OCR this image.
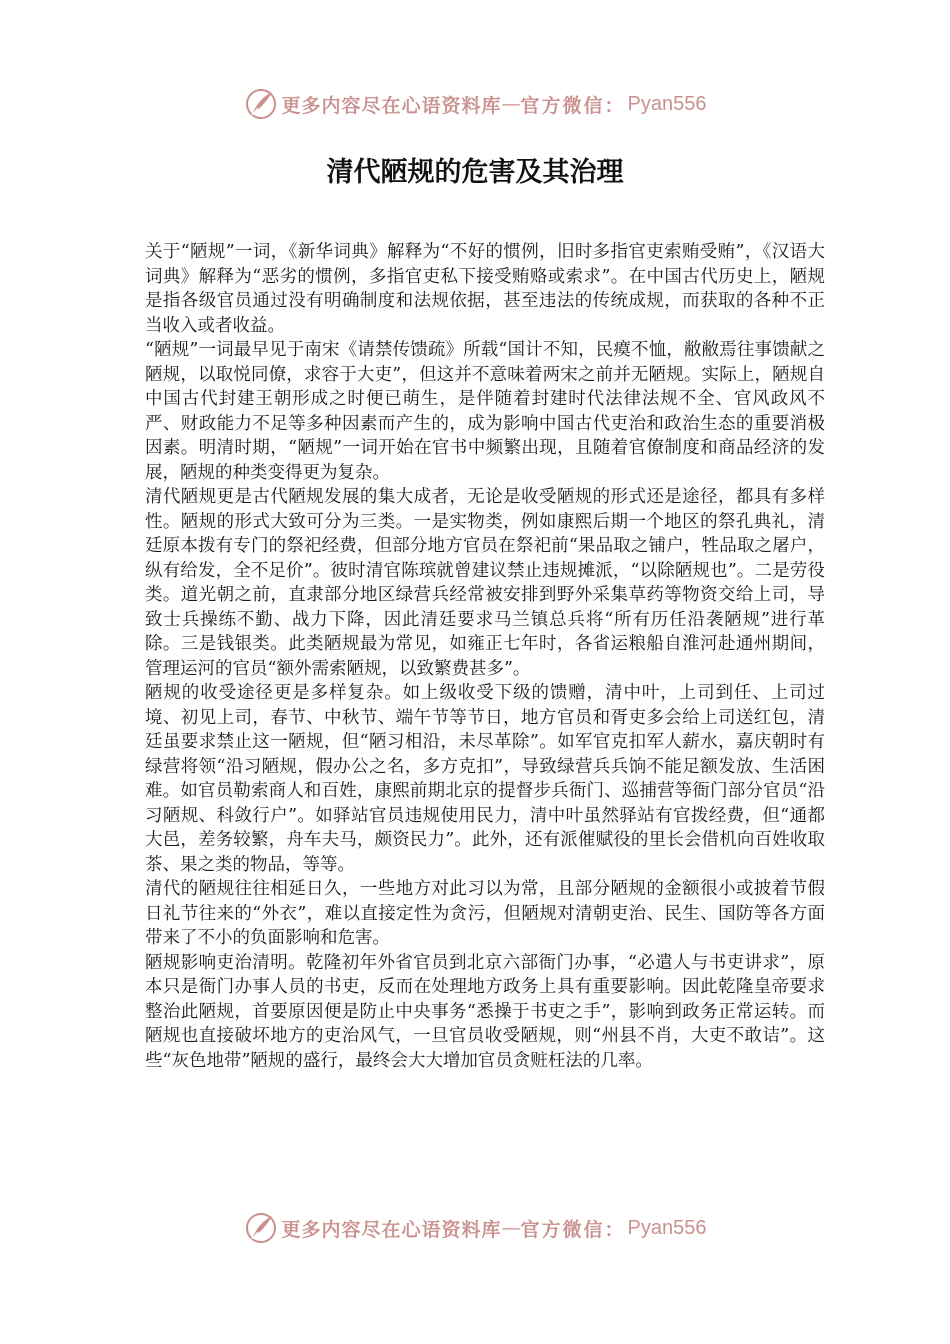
更多内容尽在心语资料库 — 官方微信： Pyan556
清代陋规的危害及其治理

关于“陋规”一词，《新华词典》解释为“不好的惯例，旧时多指官吏索贿受贿”，《汉语大词典》解释为“恶劣的惯例，多指官吏私下接受贿赂或索求”。在中国古代历史上，陋规是指各级官员通过没有明确制度和法规依据，甚至违法的传统成规，而获取的各种不正当收入或者收益。

“陋规”一词最早见于南宋《请禁传馈疏》所载“国计不知，民瘼不恤，敝敝焉往事馈献之陋规，以取悦同僚，求容于大吏”，但这并不意味着两宋之前并无陋规。实际上，陋规自中国古代封建王朝形成之时便已萌生，是伴随着封建时代法律法规不全、官风政风不严、财政能力不足等多种因素而产生的，成为影响中国古代吏治和政治生态的重要消极因素。明清时期，“陋规”一词开始在官书中频繁出现，且随着官僚制度和商品经济的发展，陋规的种类变得更为复杂。

清代陋规更是古代陋规发展的集大成者，无论是收受陋规的形式还是途径，都具有多样性。陋规的形式大致可分为三类。一是实物类，例如康熙后期一个地区的祭孔典礼，清廷原本拨有专门的祭祀经费，但部分地方官员在祭祀前“果品取之铺户，牲品取之屠户，纵有给发，全不足价”。彼时清官陈瑸就曾建议禁止违规摊派，“以除陋规也”。二是劳役类。道光朝之前，直隶部分地区绿营兵经常被安排到野外采集草药等物资交给上司，导致士兵操练不勤、战力下降，因此清廷要求马兰镇总兵将“所有历任沿袭陋规”进行革除。三是钱银类。此类陋规最为常见，如雍正七年时，各省运粮船自淮河赴通州期间，管理运河的官员“额外需索陋规，以致繁费甚多”。

陋规的收受途径更是多样复杂。如上级收受下级的馈赠，清中叶，上司到任、上司过境、初见上司，春节、中秋节、端午节等节日，地方官员和胥吏多会给上司送红包，清廷虽要求禁止这一陋规，但“陋习相沿，未尽革除”。如军官克扣军人薪水，嘉庆朝时有绿营将领“沿习陋规，假办公之名，多方克扣”，导致绿营兵兵饷不能足额发放、生活困难。如官员勒索商人和百姓，康熙前期北京的提督步兵衙门、巡捕营等衙门部分官员“沿习陋规、科敛行户”。如驿站官员违规使用民力，清中叶虽然驿站有官拨经费，但“通都大邑，差务较繁，舟车夫马，颇资民力”。此外，还有派催赋役的里长会借机向百姓收取茶、果之类的物品，等等。

清代的陋规往往相延日久，一些地方对此习以为常，且部分陋规的金额很小或披着节假日礼节往来的“外衣”，难以直接定性为贪污，但陋规对清朝吏治、民生、国防等各方面带来了不小的负面影响和危害。

陋规影响吏治清明。乾隆初年外省官员到北京六部衙门办事，“必遣人与书吏讲求”，原本只是衙门办事人员的书吏，反而在处理地方政务上具有重要影响。因此乾隆皇帝要求整治此陋规，首要原因便是防止中央事务“悉操于书吏之手”，影响到政务正常运转。而陋规也直接破坏地方的吏治风气，一旦官员收受陋规，则“州县不肖，大吏不敢诘”。这些“灰色地带”陋规的盛行，最终会大大增加官员贪赃枉法的几率。

更多内容尽在心语资料库 — 官方微信： Pyan556
